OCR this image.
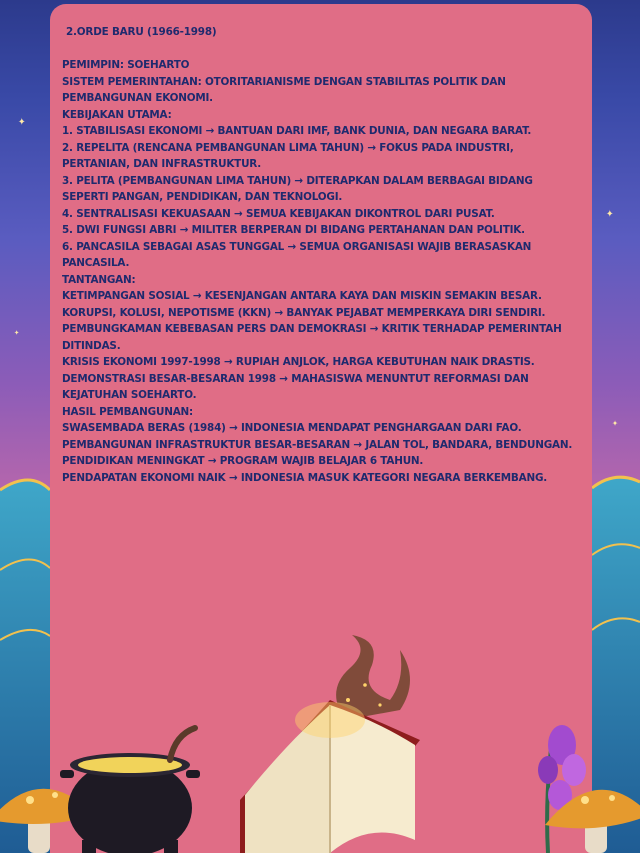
✦
✦
✦
✦
2.ORDE BARU (1966-1998)
PEMIMPIN: SOEHARTO
SISTEM PEMERINTAHAN: OTORITARIANISME DENGAN STABILITAS POLITIK DAN PEMBANGUNAN EKONOMI.
KEBIJAKAN UTAMA:
1. STABILISASI EKONOMI → BANTUAN DARI IMF, BANK DUNIA, DAN NEGARA BARAT.
2. REPELITA (RENCANA PEMBANGUNAN LIMA TAHUN) → FOKUS PADA INDUSTRI, PERTANIAN, DAN INFRASTRUKTUR.
3. PELITA (PEMBANGUNAN LIMA TAHUN) → DITERAPKAN DALAM BERBAGAI BIDANG SEPERTI PANGAN, PENDIDIKAN, DAN TEKNOLOGI.
4. SENTRALISASI KEKUASAAN → SEMUA KEBIJAKAN DIKONTROL DARI PUSAT.
5. DWI FUNGSI ABRI → MILITER BERPERAN DI BIDANG PERTAHANAN DAN POLITIK.
6. PANCASILA SEBAGAI ASAS TUNGGAL → SEMUA ORGANISASI WAJIB BERASASKAN PANCASILA.
TANTANGAN:
KETIMPANGAN SOSIAL → KESENJANGAN ANTARA KAYA DAN MISKIN SEMAKIN BESAR.
KORUPSI, KOLUSI, NEPOTISME (KKN) → BANYAK PEJABAT MEMPERKAYA DIRI SENDIRI.
PEMBUNGKAMAN KEBEBASAN PERS DAN DEMOKRASI → KRITIK TERHADAP PEMERINTAH DITINDAS.
KRISIS EKONOMI 1997-1998 → RUPIAH ANJLOK, HARGA KEBUTUHAN NAIK DRASTIS.
DEMONSTRASI BESAR-BESARAN 1998 → MAHASISWA MENUNTUT REFORMASI DAN KEJATUHAN SOEHARTO.
HASIL PEMBANGUNAN:
SWASEMBADA BERAS (1984) → INDONESIA MENDAPAT PENGHARGAAN DARI FAO.
PEMBANGUNAN INFRASTRUKTUR BESAR-BESARAN → JALAN TOL, BANDARA, BENDUNGAN.
PENDIDIKAN MENINGKAT → PROGRAM WAJIB BELAJAR 6 TAHUN.
PENDAPATAN EKONOMI NAIK → INDONESIA MASUK KATEGORI NEGARA BERKEMBANG.
